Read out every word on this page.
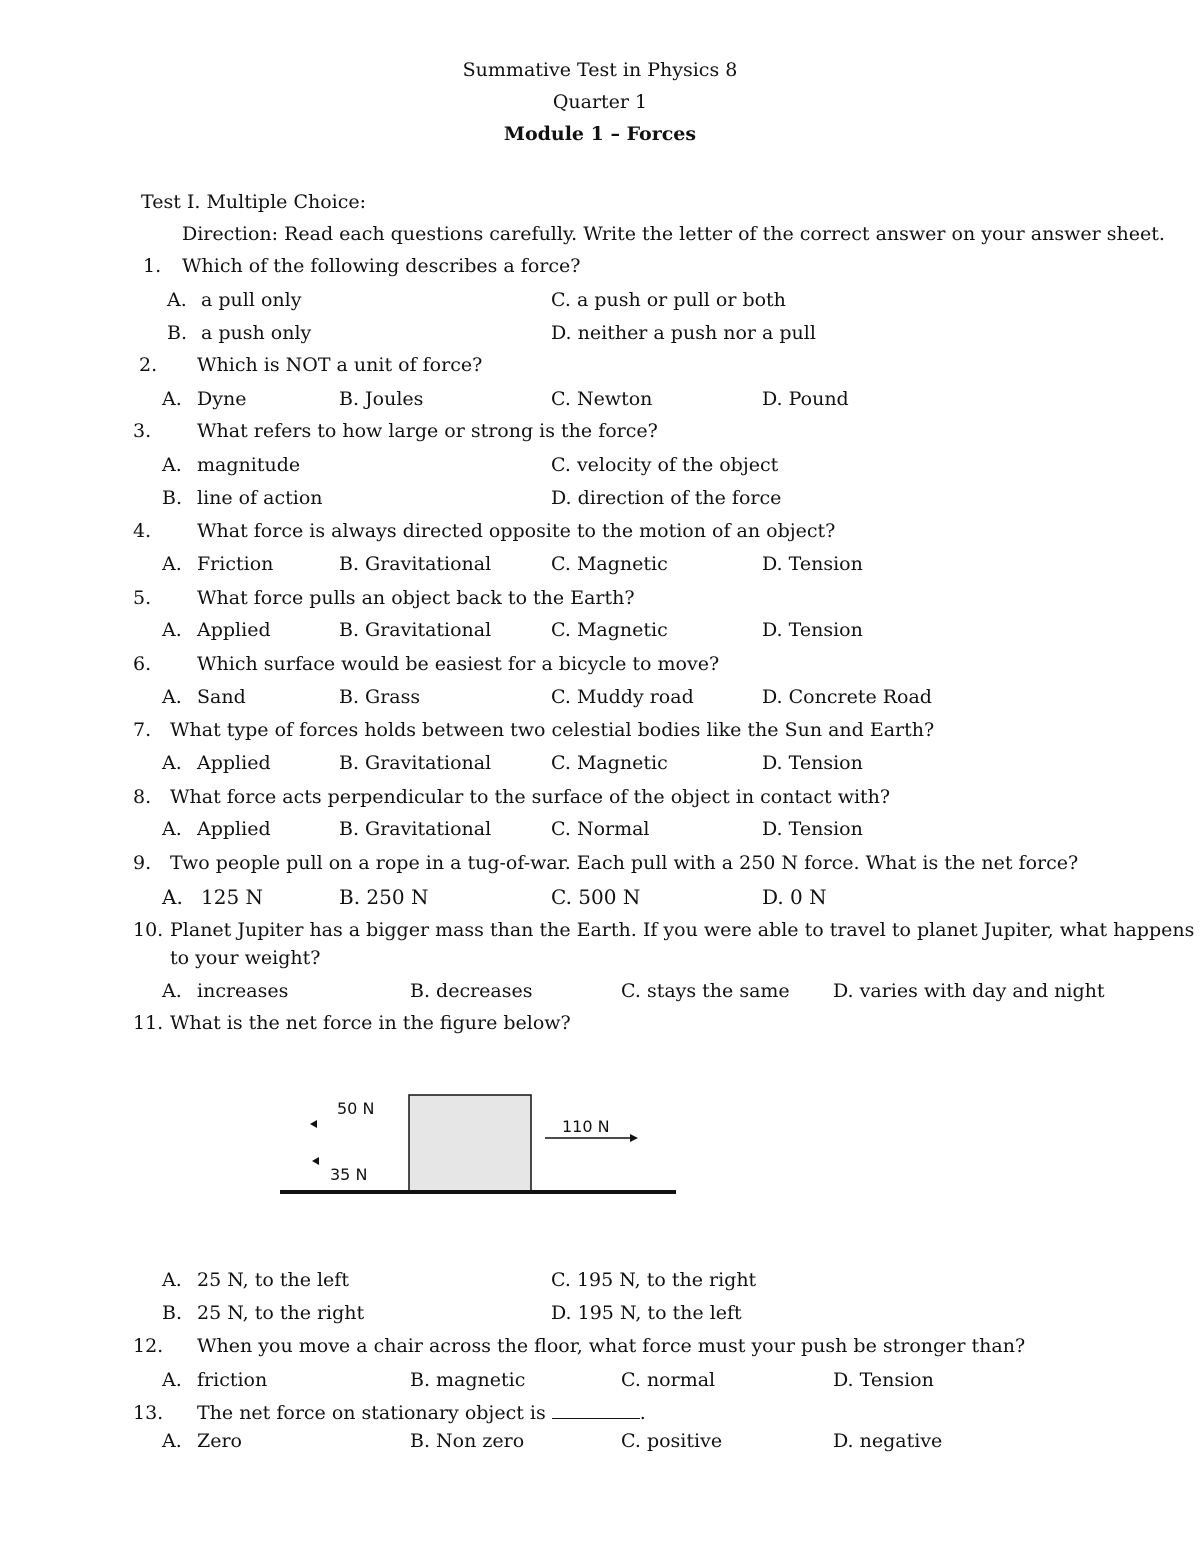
Summative Test in Physics 8
Quarter 1
Module 1 – Forces
Test I. Multiple Choice:
Direction: Read each questions carefully. Write the letter of the correct answer on your answer sheet.
1. Which of the following describes a force?
A. a pull only	C. a push or pull or both
B. a push only	D. neither a push nor a pull
2. Which is NOT a unit of force?
A. Dyne	B. Joules	C. Newton	D. Pound
3. What refers to how large or strong is the force?
A. magnitude	C. velocity of the object
B. line of action	D. direction of the force
4. What force is always directed opposite to the motion of an object?
A. Friction	B. Gravitational	C. Magnetic	D. Tension
5. What force pulls an object back to the Earth?
A. Applied	B. Gravitational	C. Magnetic	D. Tension
6. Which surface would be easiest for a bicycle to move?
A. Sand	B. Grass	C. Muddy road	D. Concrete Road
7. What type of forces holds between two celestial bodies like the Sun and Earth?
A. Applied	B. Gravitational	C. Magnetic	D. Tension
8. What force acts perpendicular to the surface of the object in contact with?
A. Applied	B. Gravitational	C. Normal	D. Tension
9. Two people pull on a rope in a tug-of-war. Each pull with a 250 N force. What is the net force?
A. 125 N	B. 250 N	C. 500 N	D. 0 N
10. Planet Jupiter has a bigger mass than the Earth. If you were able to travel to planet Jupiter, what happens
to your weight?
A. increases	B. decreases	C. stays the same D. varies with day and night
11. What is the net force in the figure below?
50 N
35 N
110 N
A. 25 N, to the left	C. 195 N, to the right
B. 25 N, to the right	D. 195 N, to the left
12. When you move a chair across the floor, what force must your push be stronger than?
A. friction	B. magnetic	C. normal	D. Tension
13. The net force on stationary object is	.
A. Zero	B. Non zero	C. positive	D. negative
